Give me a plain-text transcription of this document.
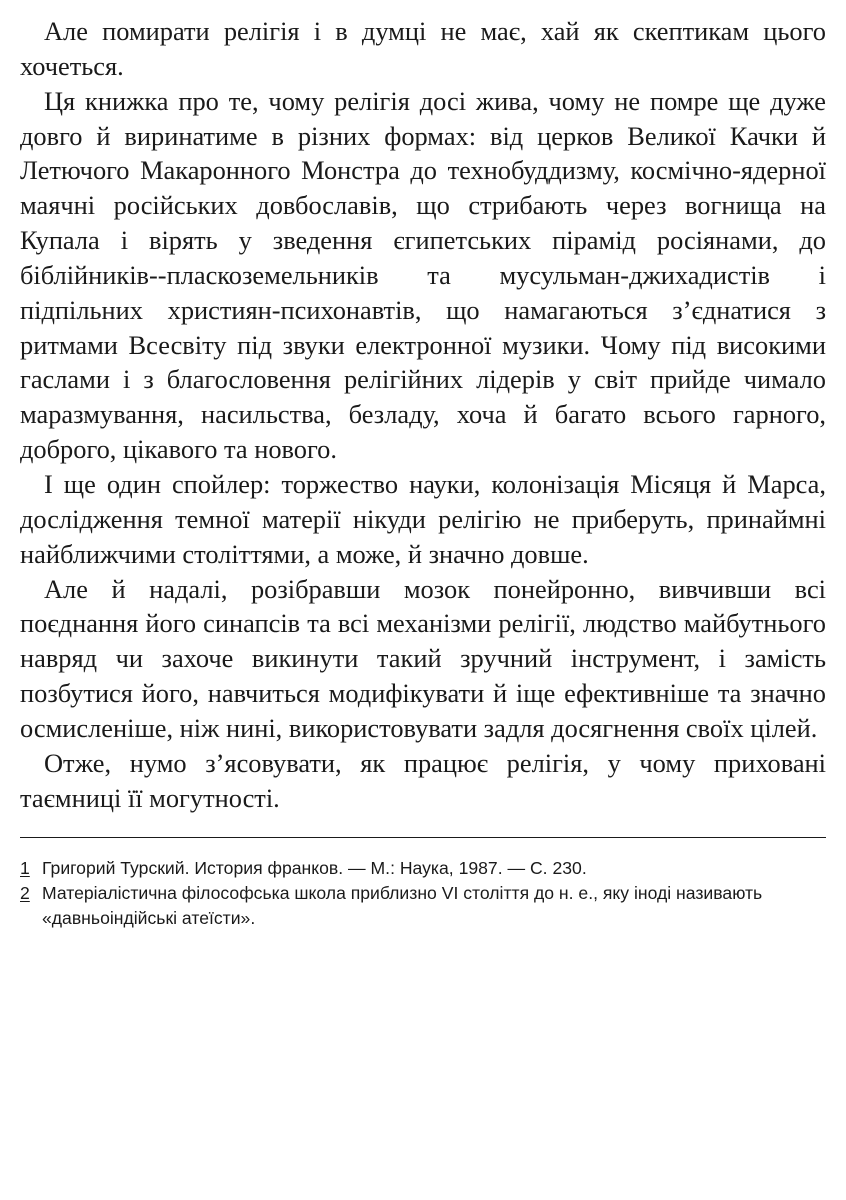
Але помирати релігія і в думці не має, хай як скептикам цього хочеться.

Ця книжка про те, чому релігія досі жива, чому не помре ще дуже довго й виринатиме в різних формах: від церков Великої Качки й Летючого Макаронного Монстра до технобуддизму, космічно-ядерної маячні російських довбославів, що стрибають через вогнища на Купала і вірять у зведення єгипетських пірамід росіянами, до біблійників--пласкоземельників та мусульман-джихадистів і підпільних християн-психонавтів, що намагаються з’єднатися з ритмами Всесвіту під звуки електронної музики. Чому під високими гаслами і з благословення релігійних лідерів у світ прийде чимало маразмування, насильства, безладу, хоча й багато всього гарного, доброго, цікавого та нового.

І ще один спойлер: торжество науки, колонізація Місяця й Марса, дослідження темної матерії нікуди релігію не приберуть, принаймні найближчими століттями, а може, й значно довше.

Але й надалі, розібравши мозок понейронно, вивчивши всі поєднання його синапсів та всі механізми релігії, людство майбутнього навряд чи захоче викинути такий зручний інструмент, і замість позбутися його, навчиться модифікувати й іще ефективніше та значно осмисленіше, ніж нині, використовувати задля досягнення своїх цілей.

Отже, нумо з’ясовувати, як працює релігія, у чому приховані таємниці її могутності.

1 Григорий Турский. История франков. — М.: Наука, 1987. — С. 230.

2 Матеріалістична філософська школа приблизно VI століття до н. е., яку іноді називають «давньоіндійські атеїсти».
